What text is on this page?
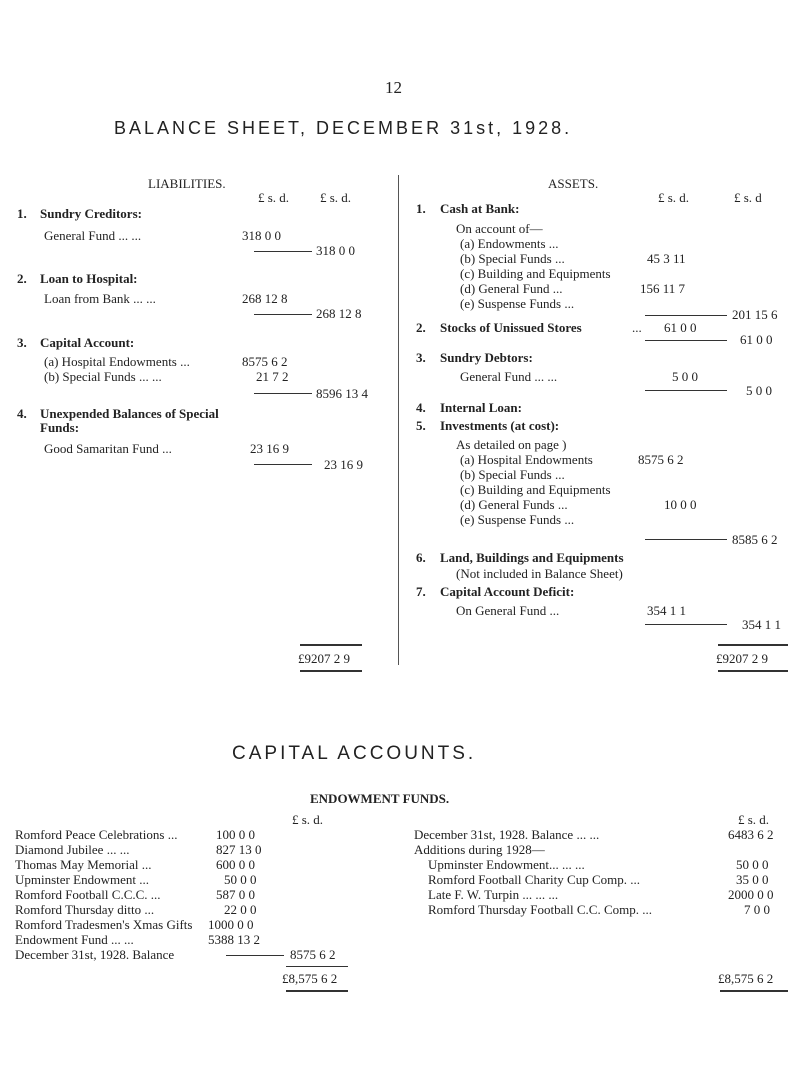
12
BALANCE SHEET, DECEMBER 31st, 1928.
LIABILITIES.
£ s. d. £ s. d.
1. Sundry Creditors:
General Fund ... ...	318 0 0
318 0 0
2. Loan to Hospital:
Loan from Bank ... ...	268 12 8
268 12 8
3. Capital Account:
(a) Hospital Endowments ...	8575 6 2
(b) Special Funds ... ...	21 7 2
8596 13 4
4. Unexpended Balances of Special
Funds:
Good Samaritan Fund ...	23 16 9
23 16 9
£9207 2 9
ASSETS.
£ s. d.	£ s. d
1. Cash at Bank:
On account of—
(a) Endowments ...
(b) Special Funds ...	45 3 11
(c) Building and Equipments
(d) General Fund ...	156 11 7
(e) Suspense Funds ...
201 15 6
2. Stocks of Unissued Stores	... 61 0 0
61 0 0
3. Sundry Debtors:
General Fund ... ...	5 0 0
5 0 0
4. Internal Loan:
5. Investments (at cost):
As detailed on page )
(a) Hospital Endowments	8575 6 2
(b) Special Funds ...
(c) Building and Equipments
(d) General Funds ...	10 0 0
(e) Suspense Funds ...
8585 6 2
6. Land, Buildings and Equipments
(Not included in Balance Sheet)
7. Capital Account Deficit:
On General Fund ...	354 1 1
354 1 1
£9207 2 9
CAPITAL ACCOUNTS.
ENDOWMENT FUNDS.
£ s. d.
Romford Peace Celebrations ...	100 0 0
Diamond Jubilee ... ...	827 13 0
Thomas May Memorial ...	600 0 0
Upminster Endowment ...	50 0 0
Romford Football C.C.C. ...	587 0 0
Romford Thursday ditto ...	22 0 0
Romford Tradesmen's Xmas Gifts 1000 0 0
Endowment Fund ... ...	5388 13 2
December 31st, 1928. Balance	8575 6 2
£8,575 6 2
£ s. d.
December 31st, 1928. Balance ... ...	6483 6 2
Additions during 1928—
Upminster Endowment... ... ...	50 0 0
Romford Football Charity Cup Comp. ...	35 0 0
Late F. W. Turpin ... ... ...	2000 0 0
Romford Thursday Football C.C. Comp. ...	7 0 0
£8,575 6 2
